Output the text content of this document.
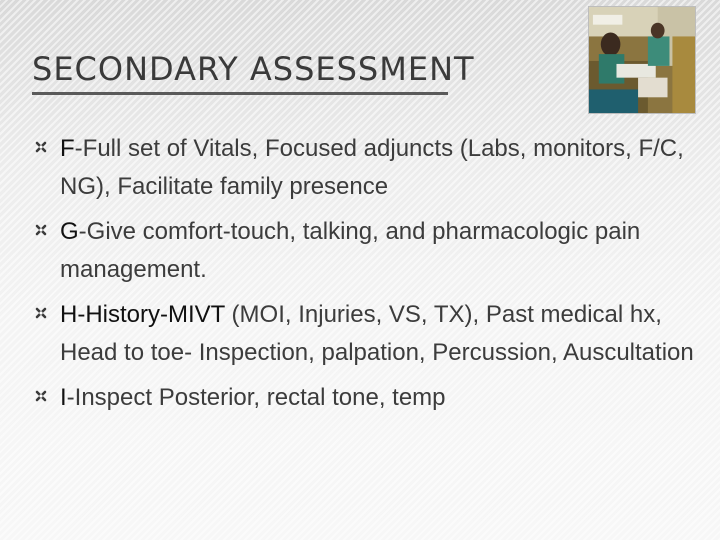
SECONDARY ASSESSMENT
F-Full set of Vitals, Focused adjuncts (Labs, monitors, F/C, NG), Facilitate family presence
G-Give comfort-touch, talking, and pharmacologic pain management.
H-History-MIVT (MOI, Injuries, VS, TX), Past medical hx, Head to toe- Inspection, palpation, Percussion, Auscultation
I-Inspect Posterior, rectal tone, temp
